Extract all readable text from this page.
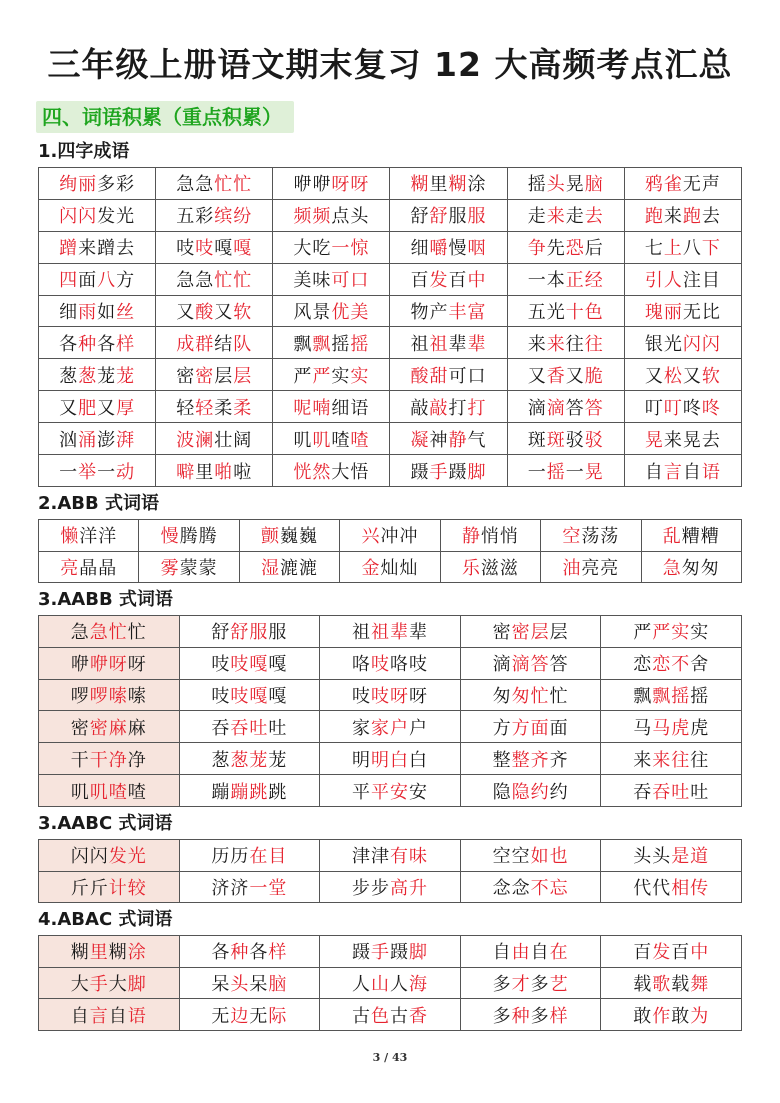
三年级上册语文期末复习 12 大高频考点汇总
四、词语积累（重点积累）
1.四字成语
绚丽多彩	急急忙忙	咿咿呀呀	糊里糊涂	摇头晃脑	鸦雀无声
闪闪发光	五彩缤纷	频频点头	舒舒服服	走来走去	跑来跑去
蹭来蹭去	吱吱嘎嘎	大吃一惊	细嚼慢咽	争先恐后	七上八下
四面八方	急急忙忙	美味可口	百发百中	一本正经	引人注目
细雨如丝	又酸又软	风景优美	物产丰富	五光十色	瑰丽无比
各种各样	成群结队	飘飘摇摇	祖祖辈辈	来来往往	银光闪闪
葱葱茏茏	密密层层	严严实实	酸甜可口	又香又脆	又松又软
又肥又厚	轻轻柔柔	呢喃细语	敲敲打打	滴滴答答	叮叮咚咚
汹涌澎湃	波澜壮阔	叽叽喳喳	凝神静气	斑斑驳驳	晃来晃去
一举一动	噼里啪啦	恍然大悟	蹑手蹑脚	一摇一晃	自言自语
2.ABB 式词语
懒洋洋	慢腾腾	颤巍巍	兴冲冲	静悄悄	空荡荡	乱糟糟
亮晶晶	雾蒙蒙	湿漉漉	金灿灿	乐滋滋	油亮亮	急匆匆
3.AABB 式词语
急急忙忙	舒舒服服	祖祖辈辈	密密层层	严严实实
咿咿呀呀	吱吱嘎嘎	咯吱咯吱	滴滴答答	恋恋不舍
啰啰嗦嗦	吱吱嘎嘎	吱吱呀呀	匆匆忙忙	飘飘摇摇
密密麻麻	吞吞吐吐	家家户户	方方面面	马马虎虎
干干净净	葱葱茏茏	明明白白	整整齐齐	来来往往
叽叽喳喳	蹦蹦跳跳	平平安安	隐隐约约	吞吞吐吐
3.AABC 式词语
闪闪发光	历历在目	津津有味	空空如也	头头是道
斤斤计较	济济一堂	步步高升	念念不忘	代代相传
4.ABAC 式词语
糊里糊涂	各种各样	蹑手蹑脚	自由自在	百发百中
大手大脚	呆头呆脑	人山人海	多才多艺	载歌载舞
自言自语	无边无际	古色古香	多种多样	敢作敢为
3 / 43
